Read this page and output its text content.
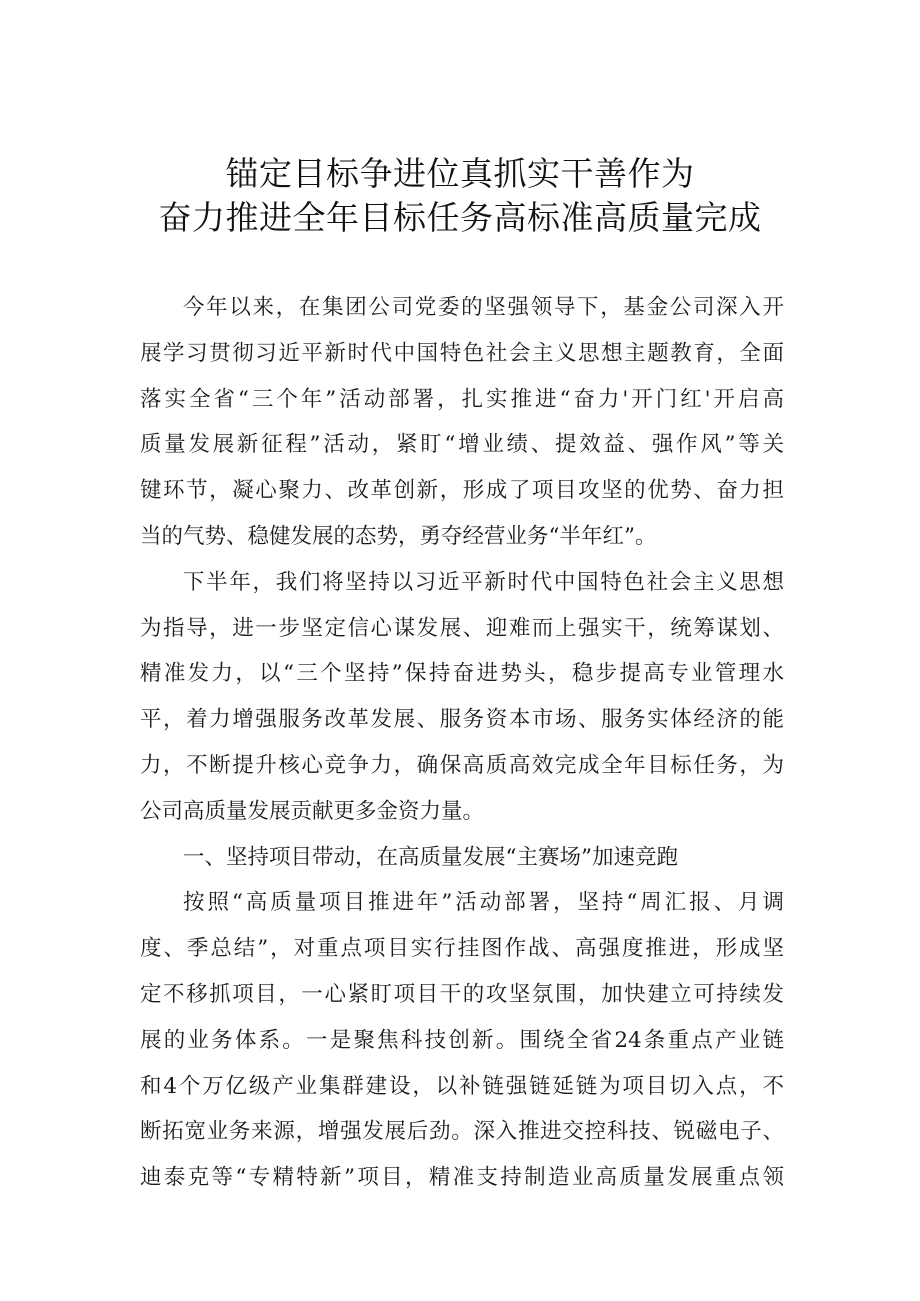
锚定目标争进位真抓实干善作为
奋力推进全年目标任务高标准高质量完成
今年以来，在集团公司党委的坚强领导下，基金公司深入开
展学习贯彻习近平新时代中国特色社会主义思想主题教育，全面
落实全省“三个年”活动部署，扎实推进“奋力'开门红'开启高
质量发展新征程”活动，紧盯“增业绩、提效益、强作风”等关
键环节，凝心聚力、改革创新，形成了项目攻坚的优势、奋力担
当的气势、稳健发展的态势，勇夺经营业务“半年红”。
下半年，我们将坚持以习近平新时代中国特色社会主义思想
为指导，进一步坚定信心谋发展、迎难而上强实干，统筹谋划、
精准发力，以“三个坚持”保持奋进势头，稳步提高专业管理水
平，着力增强服务改革发展、服务资本市场、服务实体经济的能
力，不断提升核心竞争力，确保高质高效完成全年目标任务，为
公司高质量发展贡献更多金资力量。
一、坚持项目带动，在高质量发展“主赛场”加速竞跑
按照“高质量项目推进年”活动部署，坚持“周汇报、月调
度、季总结”，对重点项目实行挂图作战、高强度推进，形成坚
定不移抓项目，一心紧盯项目干的攻坚氛围，加快建立可持续发
展的业务体系。一是聚焦科技创新。围绕全省24条重点产业链
和4个万亿级产业集群建设，以补链强链延链为项目切入点，不
断拓宽业务来源，增强发展后劲。深入推进交控科技、锐磁电子、
迪泰克等“专精特新”项目，精准支持制造业高质量发展重点领
